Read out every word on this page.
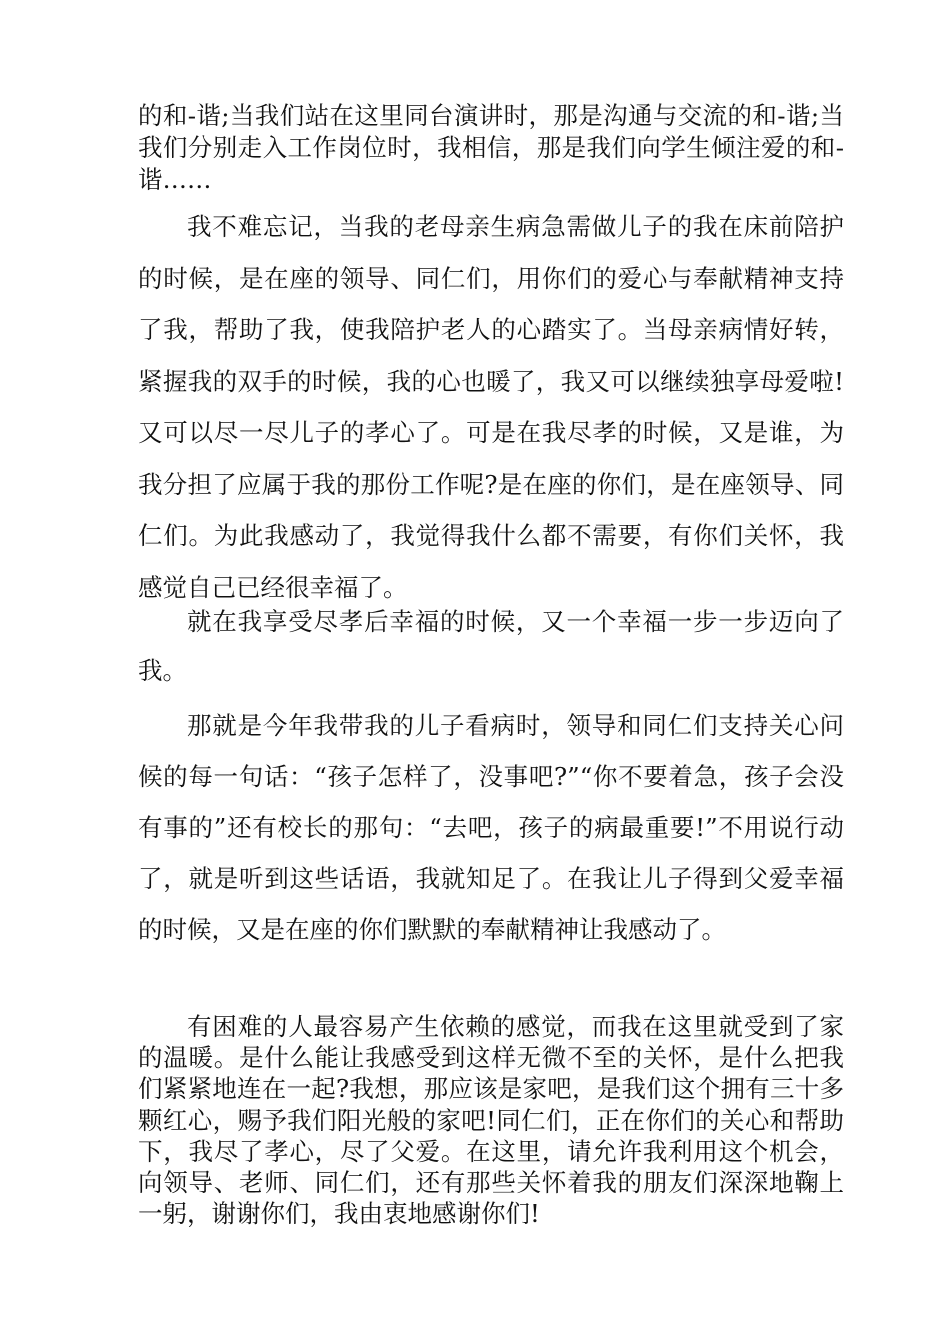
的和-谐;当我们站在这里同台演讲时，那是沟通与交流的和-谐;当我们分别走入工作岗位时，我相信，那是我们向学生倾注爱的和-谐……

我不难忘记，当我的老母亲生病急需做儿子的我在床前陪护的时候，是在座的领导、同仁们，用你们的爱心与奉献精神支持了我，帮助了我，使我陪护老人的心踏实了。当母亲病情好转，紧握我的双手的时候，我的心也暖了，我又可以继续独享母爱啦!又可以尽一尽儿子的孝心了。可是在我尽孝的时候，又是谁，为我分担了应属于我的那份工作呢?是在座的你们，是在座领导、同仁们。为此我感动了，我觉得我什么都不需要，有你们关怀，我感觉自己已经很幸福了。

就在我享受尽孝后幸福的时候，又一个幸福一步一步迈向了我。

那就是今年我带我的儿子看病时，领导和同仁们支持关心问候的每一句话：“孩子怎样了，没事吧?”“你不要着急，孩子会没有事的”还有校长的那句：“去吧，孩子的病最重要!”不用说行动了，就是听到这些话语，我就知足了。在我让儿子得到父爱幸福的时候，又是在座的你们默默的奉献精神让我感动了。

有困难的人最容易产生依赖的感觉，而我在这里就受到了家的温暖。是什么能让我感受到这样无微不至的关怀，是什么把我们紧紧地连在一起?我想，那应该是家吧，是我们这个拥有三十多颗红心，赐予我们阳光般的家吧!同仁们，正在你们的关心和帮助下，我尽了孝心，尽了父爱。在这里，请允许我利用这个机会，向领导、老师、同仁们，还有那些关怀着我的朋友们深深地鞠上一躬，谢谢你们，我由衷地感谢你们!
